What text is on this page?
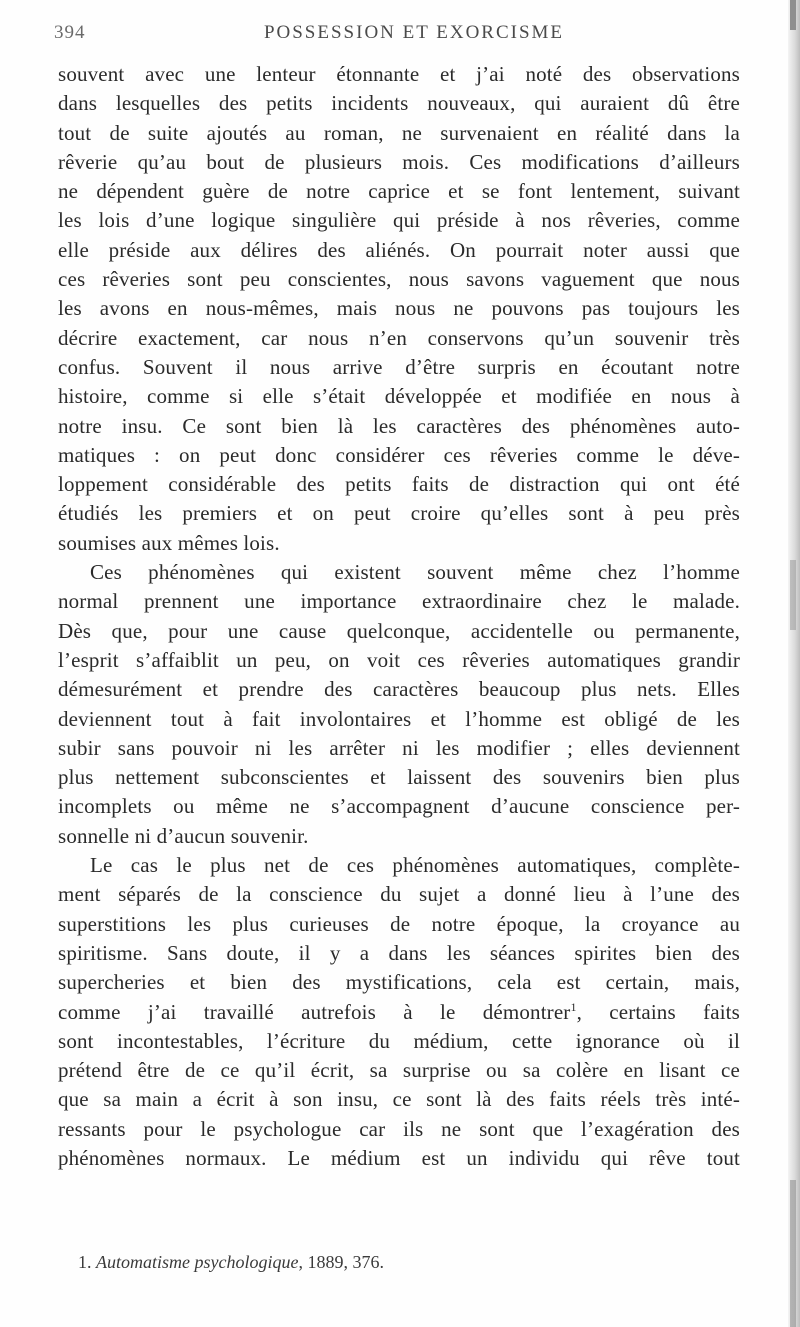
394	POSSESSION ET EXORCISME
souvent avec une lenteur étonnante et j’ai noté des observations
dans lesquelles des petits incidents nouveaux, qui auraient dû être
tout de suite ajoutés au roman, ne survenaient en réalité dans la
rêverie qu’au bout de plusieurs mois. Ces modifications d’ailleurs
ne dépendent guère de notre caprice et se font lentement, suivant
les lois d’une logique singulière qui préside à nos rêveries, comme
elle préside aux délires des aliénés. On pourrait noter aussi que
ces rêveries sont peu conscientes, nous savons vaguement que nous
les avons en nous-mêmes, mais nous ne pouvons pas toujours les
décrire exactement, car nous n’en conservons qu’un souvenir très
confus. Souvent il nous arrive d’être surpris en écoutant notre
histoire, comme si elle s’était développée et modifiée en nous à
notre insu. Ce sont bien là les caractères des phénomènes auto-
matiques : on peut donc considérer ces rêveries comme le déve-
loppement considérable des petits faits de distraction qui ont été
étudiés les premiers et on peut croire qu’elles sont à peu près
soumises aux mêmes lois.
Ces phénomènes qui existent souvent même chez l’homme
normal prennent une importance extraordinaire chez le malade.
Dès que, pour une cause quelconque, accidentelle ou permanente,
l’esprit s’affaiblit un peu, on voit ces rêveries automatiques grandir
démesurément et prendre des caractères beaucoup plus nets. Elles
deviennent tout à fait involontaires et l’homme est obligé de les
subir sans pouvoir ni les arrêter ni les modifier ; elles deviennent
plus nettement subconscientes et laissent des souvenirs bien plus
incomplets ou même ne s’accompagnent d’aucune conscience per-
sonnelle ni d’aucun souvenir.
Le cas le plus net de ces phénomènes automatiques, complète-
ment séparés de la conscience du sujet a donné lieu à l’une des
superstitions les plus curieuses de notre époque, la croyance au
spiritisme. Sans doute, il y a dans les séances spirites bien des
supercheries et bien des mystifications, cela est certain, mais,
comme j’ai travaillé autrefois à le démontrer$^1$, certains faits
sont incontestables, l’écriture du médium, cette ignorance où il
prétend être de ce qu’il écrit, sa surprise ou sa colère en lisant ce
que sa main a écrit à son insu, ce sont là des faits réels très inté-
ressants pour le psychologue car ils ne sont que l’exagération des
phénomènes normaux. Le médium est un individu qui rêve tout
1. Automatisme psychologique, 1889, 376.
